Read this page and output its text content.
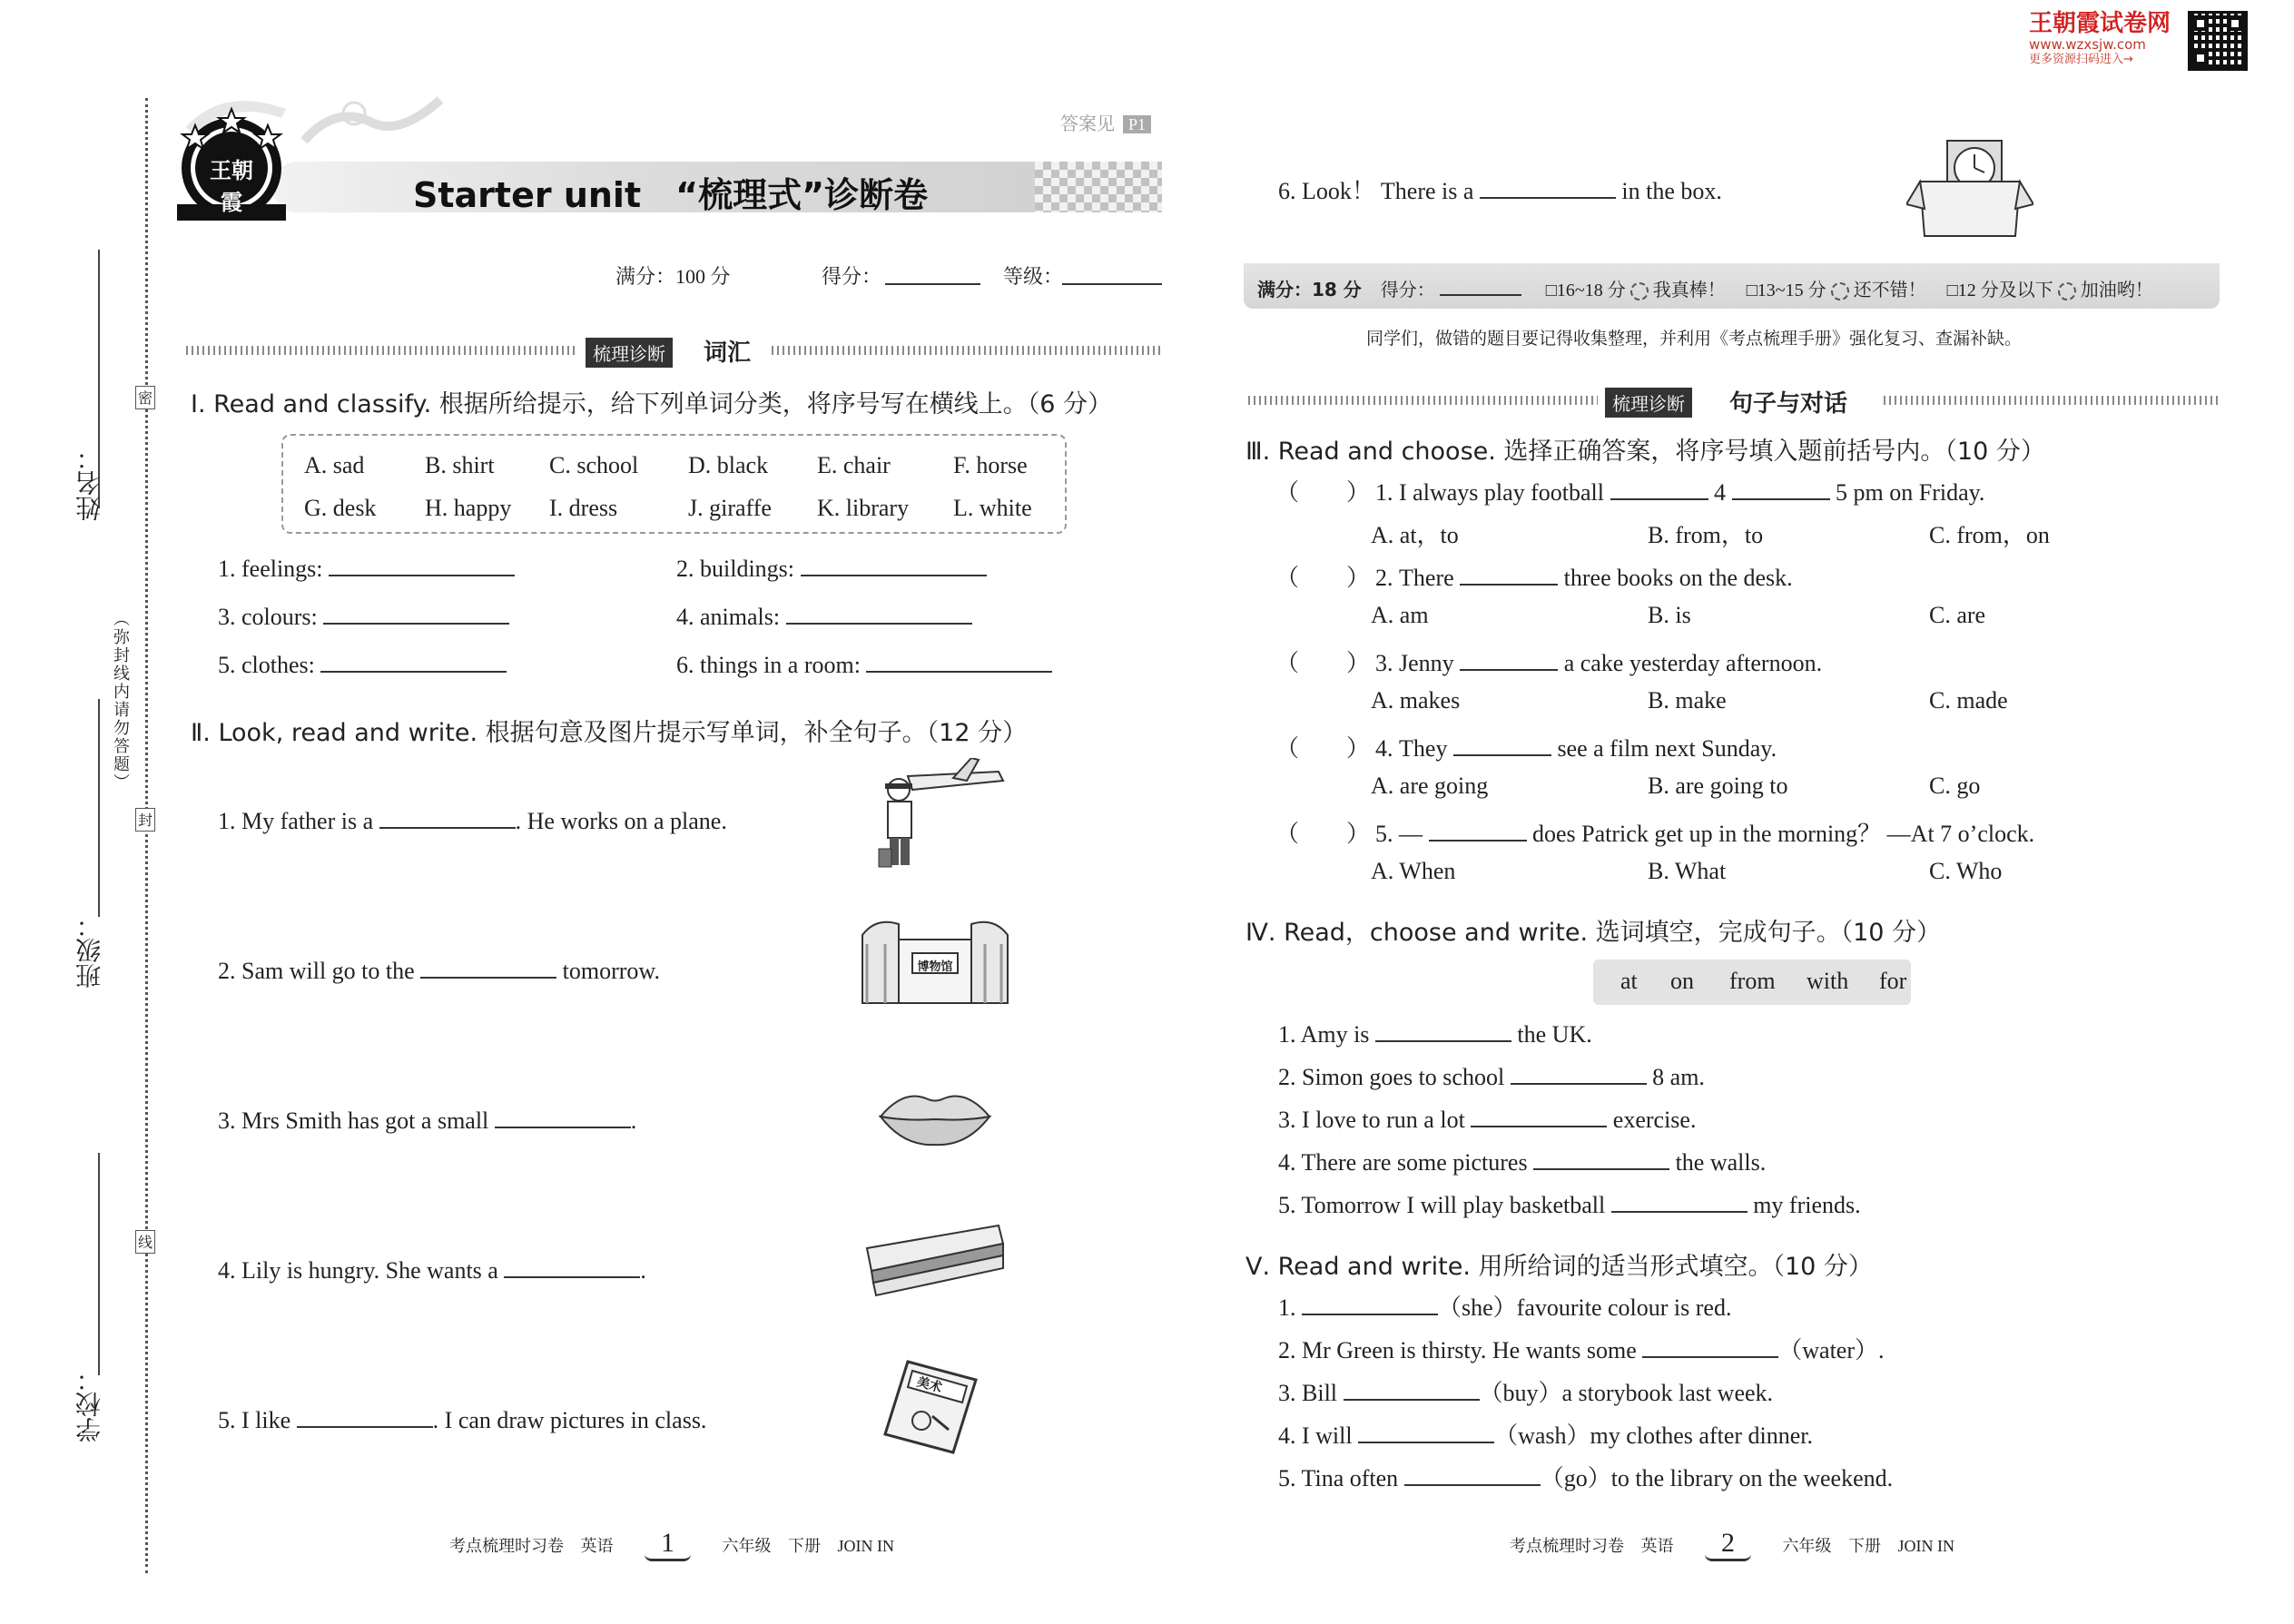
王朝霞试卷网
www.wzxsjw.com
更多资源扫码进入→
密
封
线
（弥封线内请勿答题）
姓名：
班级：
学校：
答案见 P1
Starter unit　“梳理式”诊断卷
王朝霞
满分：100 分	得分：	等级：
梳理诊断	词汇
Ⅰ. Read and classify. 根据所给提示，给下列单词分类，将序号写在横线上。（6 分）
A. sad	B. shirt C. school D. black E. chair	F. horse
G. desk H. happy I. dress	J. giraffe K. library L. white
1. feelings:	2. buildings:
3. colours:	4. animals:
5. clothes:	6. things in a room:
Ⅱ. Look, read and write. 根据句意及图片提示写单词，补全句子。（12 分）
1. My father is a	. He works on a plane.
2. Sam will go to the	tomorrow.
3. Mrs Smith has got a small	.
4. Lily is hungry. She wants a	.
5. I like	. I can draw pictures in class.
博物馆
美术
考点梳理时习卷 英语 1	六年级 下册 JOIN IN
6. Look！ There is a	in the box.
满分：18 分 得分：	□16~18 分 我真棒！ □13~15 分 还不错！ □12 分及以下 加油哟！
同学们，做错的题目要记得收集整理，并利用《考点梳理手册》强化复习、查漏补缺。
梳理诊断	句子与对话
Ⅲ. Read and choose. 选择正确答案，将序号填入题前括号内。（10 分）
（　　） 1. I always play football	4	5 pm on Friday.
A. at，to	B. from，to	C. from，on
（　　） 2. There	three books on the desk.
A. am	B. is	C. are
（　　） 3. Jenny	a cake yesterday afternoon.
A. makes	B. make	C. made
（　　） 4. They	see a film next Sunday.
A. are going	B. are going to	C. go
（　　） 5. —	does Patrick get up in the morning？ —At 7 o’clock.
A. When	B. What	C. Who
Ⅳ. Read，choose and write. 选词填空，完成句子。（10 分）
at on from with for
1. Amy is	the UK.
2. Simon goes to school	8 am.
3. I love to run a lot	exercise.
4. There are some pictures	the walls.
5. Tomorrow I will play basketball	my friends.
Ⅴ. Read and write. 用所给词的适当形式填空。（10 分）
1.	（she）favourite colour is red.
2. Mr Green is thirsty. He wants some	（water）.
3. Bill	（buy）a storybook last week.
4. I will	（wash）my clothes after dinner.
5. Tina often	（go）to the library on the weekend.
考点梳理时习卷 英语 2	六年级 下册 JOIN IN
